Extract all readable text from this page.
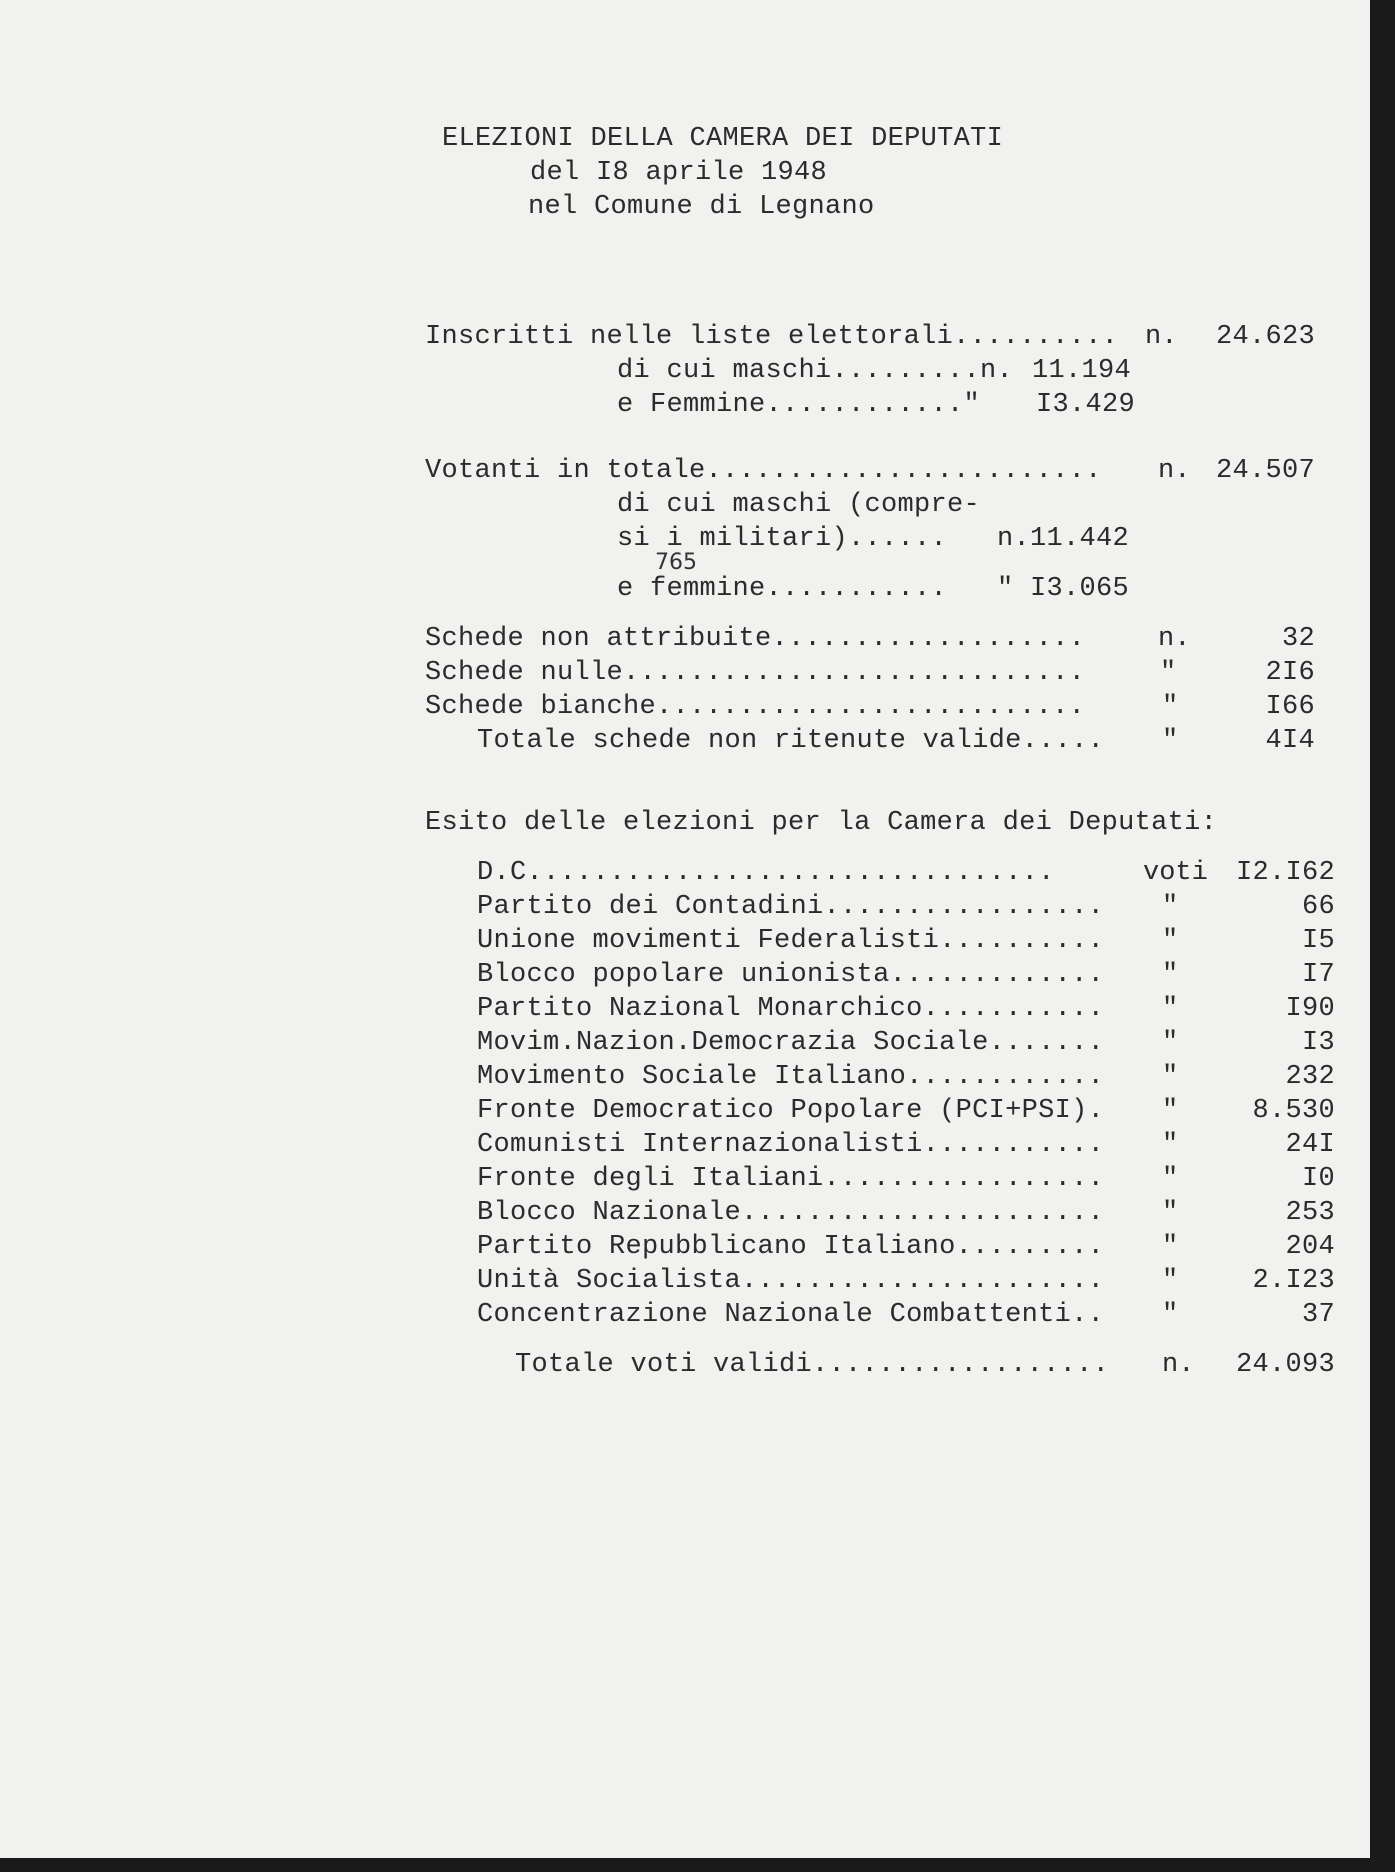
ELEZIONI DELLA CAMERA DEI DEPUTATI
del I8 aprile 1948
nel Comune di Legnano
Inscritti nelle liste elettorali.......... n.	24.623
di cui maschi.........n. 11.194
e Femmine............" I3.429
Votanti in totale........................ n. 24.507
di cui maschi (compre-
si i militari)...... n.11.442
765
e femmine........... " I3.065
Schede non attribuite...................	n.	32
Schede nulle............................	"	2I6
Schede bianche..........................	"	I66
Totale schede non ritenute valide..... "	4I4
Esito delle elezioni per la Camera dei Deputati:
D.C................................	voti	I2.I62
Partito dei Contadini................. "	66
Unione movimenti Federalisti.......... "	I5
Blocco popolare unionista............. "	I7
Partito Nazional Monarchico........... "	I90
Movim.Nazion.Democrazia Sociale....... "	I3
Movimento Sociale Italiano............ "	232
Fronte Democratico Popolare (PCI+PSI). "	8.530
Comunisti Internazionalisti........... "	24I
Fronte degli Italiani................. "	I0
Blocco Nazionale...................... "	253
Partito Repubblicano Italiano......... "	204
Unità Socialista...................... "	2.I23
Concentrazione Nazionale Combattenti.. "	37
Totale voti validi.................. n.	24.093
